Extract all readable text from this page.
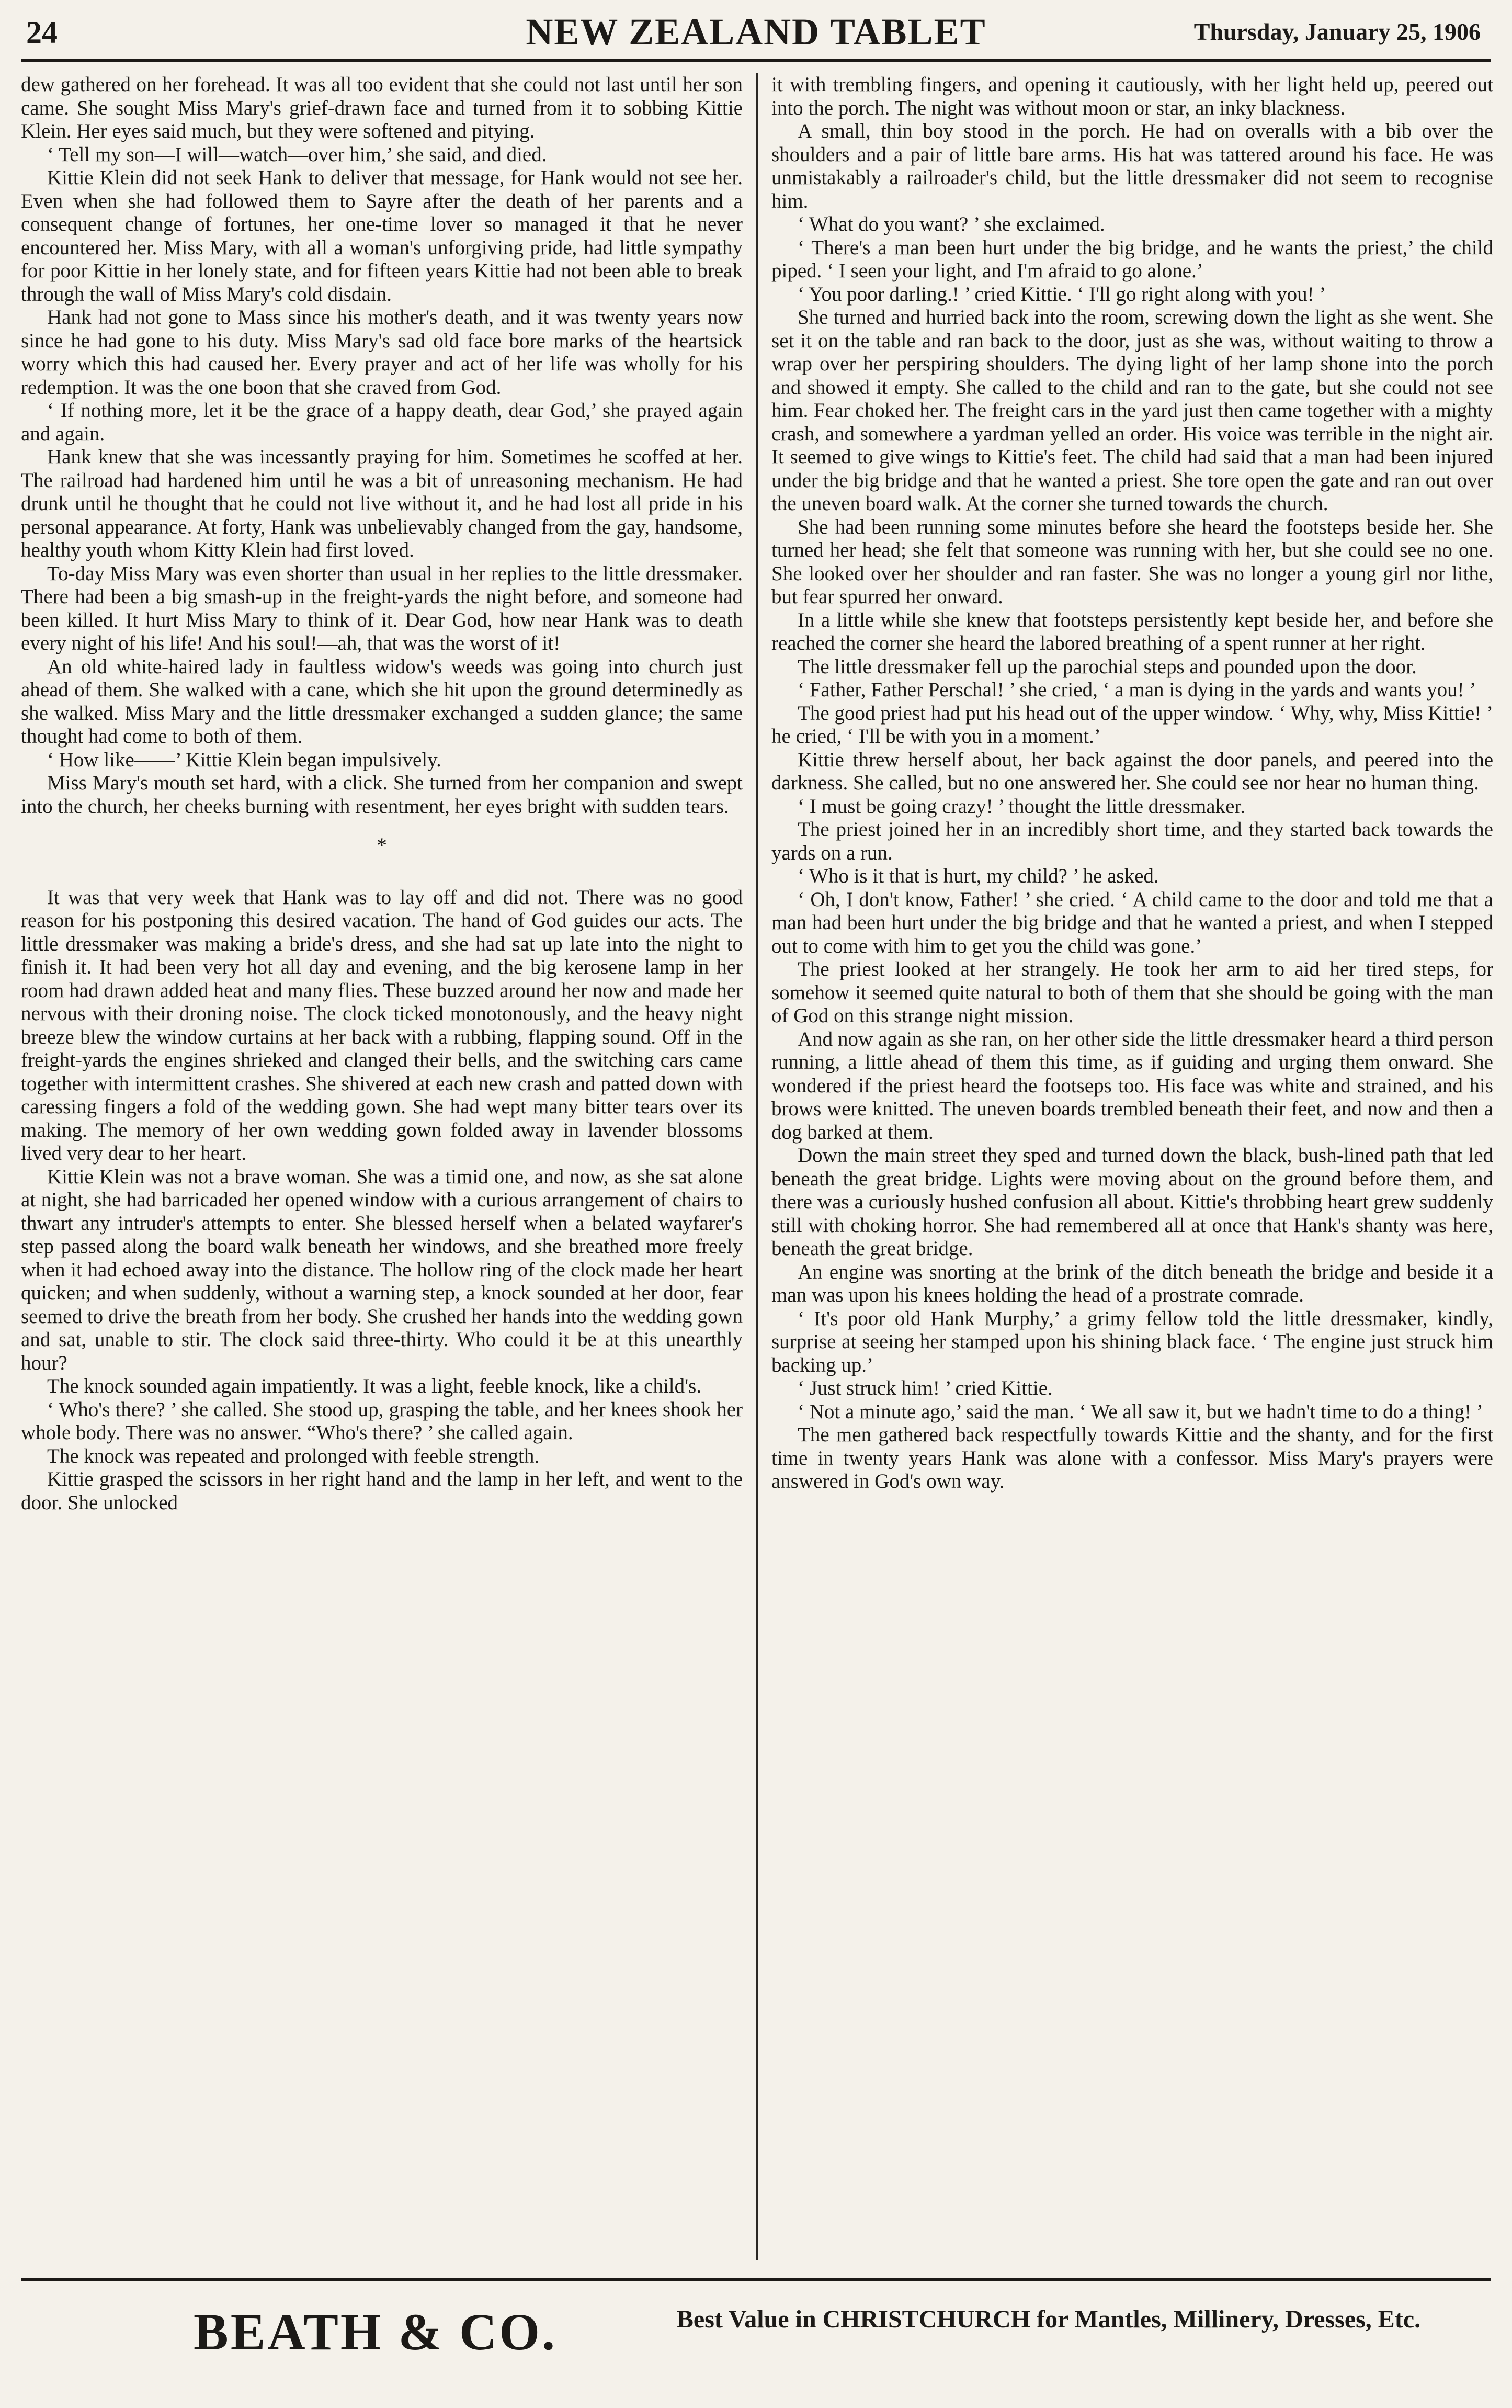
24	NEW ZEALAND TABLET	Thursday, January 25, 1906

dew gathered on her forehead. It was all too evident that she could not last until her son came. She sought Miss Mary's grief-drawn face and turned from it to sobbing Kittie Klein. Her eyes said much, but they were softened and pitying.

‘ Tell my son—I will—watch—over him,’ she said, and died.

Kittie Klein did not seek Hank to deliver that message, for Hank would not see her. Even when she had followed them to Sayre after the death of her parents and a consequent change of fortunes, her one-time lover so managed it that he never encountered her. Miss Mary, with all a woman's unforgiving pride, had little sympathy for poor Kittie in her lonely state, and for fifteen years Kittie had not been able to break through the wall of Miss Mary's cold disdain.

Hank had not gone to Mass since his mother's death, and it was twenty years now since he had gone to his duty. Miss Mary's sad old face bore marks of the heartsick worry which this had caused her. Every prayer and act of her life was wholly for his redemption. It was the one boon that she craved from God.

‘ If nothing more, let it be the grace of a happy death, dear God,’ she prayed again and again.

Hank knew that she was incessantly praying for him. Sometimes he scoffed at her. The railroad had hardened him until he was a bit of unreasoning mechanism. He had drunk until he thought that he could not live without it, and he had lost all pride in his personal appearance. At forty, Hank was unbelievably changed from the gay, handsome, healthy youth whom Kitty Klein had first loved.

To-day Miss Mary was even shorter than usual in her replies to the little dressmaker. There had been a big smash-up in the freight-yards the night before, and someone had been killed. It hurt Miss Mary to think of it. Dear God, how near Hank was to death every night of his life! And his soul!—ah, that was the worst of it!

An old white-haired lady in faultless widow's weeds was going into church just ahead of them. She walked with a cane, which she hit upon the ground determinedly as she walked. Miss Mary and the little dressmaker exchanged a sudden glance; the same thought had come to both of them.

‘ How like——’ Kittie Klein began impulsively.

Miss Mary's mouth set hard, with a click. She turned from her companion and swept into the church, her cheeks burning with resentment, her eyes bright with sudden tears.

*

It was that very week that Hank was to lay off and did not. There was no good reason for his postponing this desired vacation. The hand of God guides our acts. The little dressmaker was making a bride's dress, and she had sat up late into the night to finish it. It had been very hot all day and evening, and the big kerosene lamp in her room had drawn added heat and many flies. These buzzed around her now and made her nervous with their droning noise. The clock ticked monotonously, and the heavy night breeze blew the window curtains at her back with a rubbing, flapping sound. Off in the freight-yards the engines shrieked and clanged their bells, and the switching cars came together with intermittent crashes. She shivered at each new crash and patted down with caressing fingers a fold of the wedding gown. She had wept many bitter tears over its making. The memory of her own wedding gown folded away in lavender blossoms lived very dear to her heart.

Kittie Klein was not a brave woman. She was a timid one, and now, as she sat alone at night, she had barricaded her opened window with a curious arrangement of chairs to thwart any intruder's attempts to enter. She blessed herself when a belated wayfarer's step passed along the board walk beneath her windows, and she breathed more freely when it had echoed away into the distance. The hollow ring of the clock made her heart quicken; and when suddenly, without a warning step, a knock sounded at her door, fear seemed to drive the breath from her body. She crushed her hands into the wedding gown and sat, unable to stir. The clock said three-thirty. Who could it be at this unearthly hour?

The knock sounded again impatiently. It was a light, feeble knock, like a child's.

‘ Who's there? ’ she called. She stood up, grasping the table, and her knees shook her whole body. There was no answer. “Who's there? ’ she called again.

The knock was repeated and prolonged with feeble strength.

Kittie grasped the scissors in her right hand and the lamp in her left, and went to the door. She unlocked

it with trembling fingers, and opening it cautiously, with her light held up, peered out into the porch. The night was without moon or star, an inky blackness.

A small, thin boy stood in the porch. He had on overalls with a bib over the shoulders and a pair of little bare arms. His hat was tattered around his face. He was unmistakably a railroader's child, but the little dressmaker did not seem to recognise him.

‘ What do you want? ’ she exclaimed.

‘ There's a man been hurt under the big bridge, and he wants the priest,’ the child piped. ‘ I seen your light, and I'm afraid to go alone.’

‘ You poor darling.! ’ cried Kittie. ‘ I'll go right along with you! ’

She turned and hurried back into the room, screwing down the light as she went. She set it on the table and ran back to the door, just as she was, without waiting to throw a wrap over her perspiring shoulders. The dying light of her lamp shone into the porch and showed it empty. She called to the child and ran to the gate, but she could not see him. Fear choked her. The freight cars in the yard just then came together with a mighty crash, and somewhere a yardman yelled an order. His voice was terrible in the night air. It seemed to give wings to Kittie's feet. The child had said that a man had been injured under the big bridge and that he wanted a priest. She tore open the gate and ran out over the uneven board walk. At the corner she turned towards the church.

She had been running some minutes before she heard the footsteps beside her. She turned her head; she felt that someone was running with her, but she could see no one. She looked over her shoulder and ran faster. She was no longer a young girl nor lithe, but fear spurred her onward.

In a little while she knew that footsteps persistently kept beside her, and before she reached the corner she heard the labored breathing of a spent runner at her right.

The little dressmaker fell up the parochial steps and pounded upon the door.

‘ Father, Father Perschal! ’ she cried, ‘ a man is dying in the yards and wants you! ’

The good priest had put his head out of the upper window. ‘ Why, why, Miss Kittie! ’ he cried, ‘ I'll be with you in a moment.’

Kittie threw herself about, her back against the door panels, and peered into the darkness. She called, but no one answered her. She could see nor hear no human thing.

‘ I must be going crazy! ’ thought the little dressmaker.

The priest joined her in an incredibly short time, and they started back towards the yards on a run.

‘ Who is it that is hurt, my child? ’ he asked.

‘ Oh, I don't know, Father! ’ she cried. ‘ A child came to the door and told me that a man had been hurt under the big bridge and that he wanted a priest, and when I stepped out to come with him to get you the child was gone.’

The priest looked at her strangely. He took her arm to aid her tired steps, for somehow it seemed quite natural to both of them that she should be going with the man of God on this strange night mission.

And now again as she ran, on her other side the little dressmaker heard a third person running, a little ahead of them this time, as if guiding and urging them onward. She wondered if the priest heard the footseps too. His face was white and strained, and his brows were knitted. The uneven boards trembled beneath their feet, and now and then a dog barked at them.

Down the main street they sped and turned down the black, bush-lined path that led beneath the great bridge. Lights were moving about on the ground before them, and there was a curiously hushed confusion all about. Kittie's throbbing heart grew suddenly still with choking horror. She had remembered all at once that Hank's shanty was here, beneath the great bridge.

An engine was snorting at the brink of the ditch beneath the bridge and beside it a man was upon his knees holding the head of a prostrate comrade.

‘ It's poor old Hank Murphy,’ a grimy fellow told the little dressmaker, kindly, surprise at seeing her stamped upon his shining black face. ‘ The engine just struck him backing up.’

‘ Just struck him! ’ cried Kittie.

‘ Not a minute ago,’ said the man. ‘ We all saw it, but we hadn't time to do a thing! ’

The men gathered back respectfully towards Kittie and the shanty, and for the first time in twenty years Hank was alone with a confessor. Miss Mary's prayers were answered in God's own way.

BEATH & CO.	Best Value in CHRISTCHURCH for Mantles, Millinery, Dresses, Etc.
